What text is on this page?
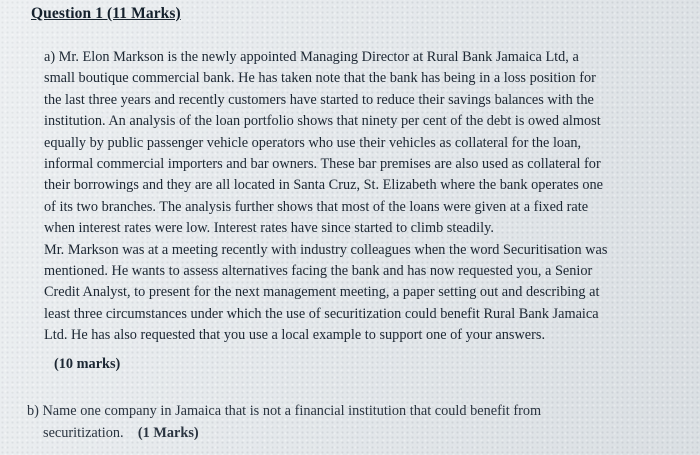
Question 1 (11 Marks)
a) Mr. Elon Markson is the newly appointed Managing Director at Rural Bank Jamaica Ltd, a
small boutique commercial bank. He has taken note that the bank has being in a loss position for
the last three years and recently customers have started to reduce their savings balances with the
institution. An analysis of the loan portfolio shows that ninety per cent of the debt is owed almost
equally by public passenger vehicle operators who use their vehicles as collateral for the loan,
informal commercial importers and bar owners. These bar premises are also used as collateral for
their borrowings and they are all located in Santa Cruz, St. Elizabeth where the bank operates one
of its two branches. The analysis further shows that most of the loans were given at a fixed rate
when interest rates were low. Interest rates have since started to climb steadily.
Mr. Markson was at a meeting recently with industry colleagues when the word Securitisation was
mentioned. He wants to assess alternatives facing the bank and has now requested you, a Senior
Credit Analyst, to present for the next management meeting, a paper setting out and describing at
least three circumstances under which the use of securitization could benefit Rural Bank Jamaica
Ltd. He has also requested that you use a local example to support one of your answers.
(10 marks)
b) Name one company in Jamaica that is not a financial institution that could benefit from
securitization. (1 Marks)
